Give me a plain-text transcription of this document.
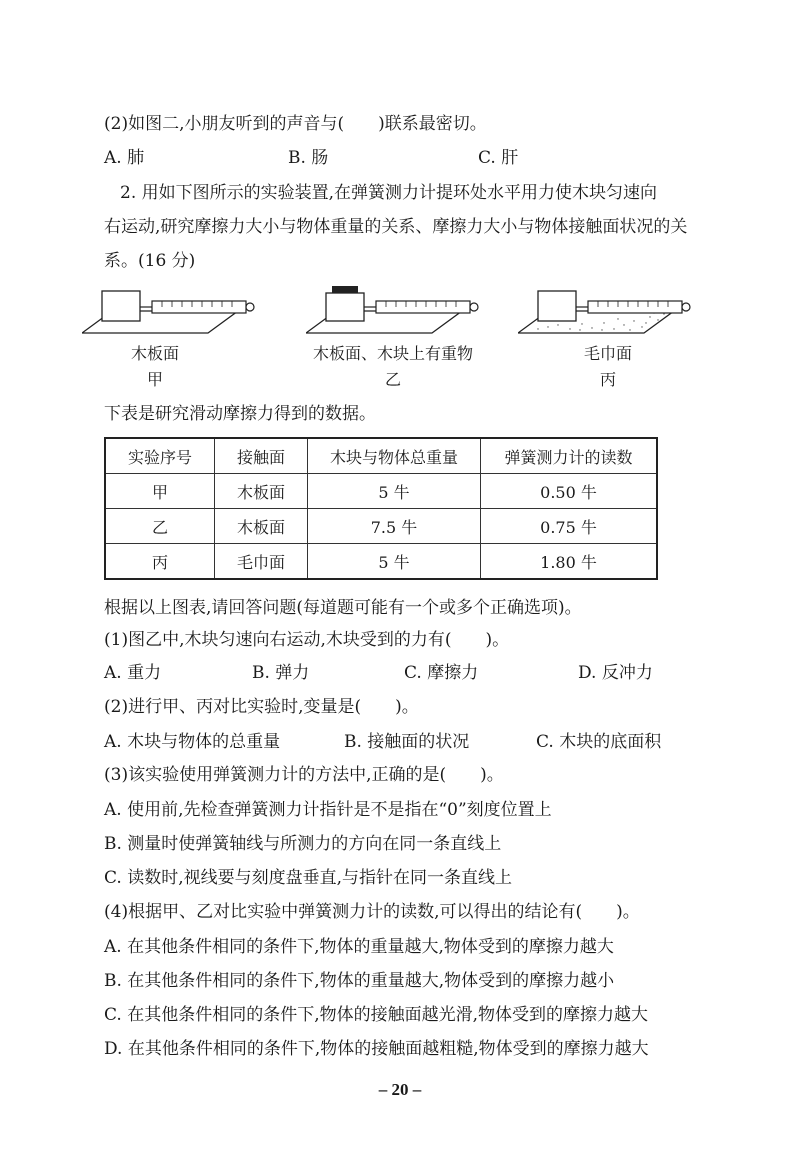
(2)如图二,小朋友听到的声音与(　　)联系最密切。
A. 肺	B. 肠	C. 肝
2. 用如下图所示的实验装置,在弹簧测力计提环处水平用力使木块匀速向
右运动,研究摩擦力大小与物体重量的关系、摩擦力大小与物体接触面状况的关
系。(16 分)
木板面
甲
木板面、木块上有重物
乙
毛巾面
丙
下表是研究滑动摩擦力得到的数据。
实验序号	接触面	木块与物体总重量	弹簧测力计的读数
甲	木板面	5 牛	0.50 牛
乙	木板面	7.5 牛	0.75 牛
丙	毛巾面	5 牛	1.80 牛
根据以上图表,请回答问题(每道题可能有一个或多个正确选项)。
(1)图乙中,木块匀速向右运动,木块受到的力有(　　)。
A. 重力	B. 弹力	C. 摩擦力	D. 反冲力
(2)进行甲、丙对比实验时,变量是(　　)。
A. 木块与物体的总重量	B. 接触面的状况	C. 木块的底面积
(3)该实验使用弹簧测力计的方法中,正确的是(　　)。
A. 使用前,先检查弹簧测力计指针是不是指在“0”刻度位置上
B. 测量时使弹簧轴线与所测力的方向在同一条直线上
C. 读数时,视线要与刻度盘垂直,与指针在同一条直线上
(4)根据甲、乙对比实验中弹簧测力计的读数,可以得出的结论有(　　)。
A. 在其他条件相同的条件下,物体的重量越大,物体受到的摩擦力越大
B. 在其他条件相同的条件下,物体的重量越大,物体受到的摩擦力越小
C. 在其他条件相同的条件下,物体的接触面越光滑,物体受到的摩擦力越大
D. 在其他条件相同的条件下,物体的接触面越粗糙,物体受到的摩擦力越大
– 20 –
